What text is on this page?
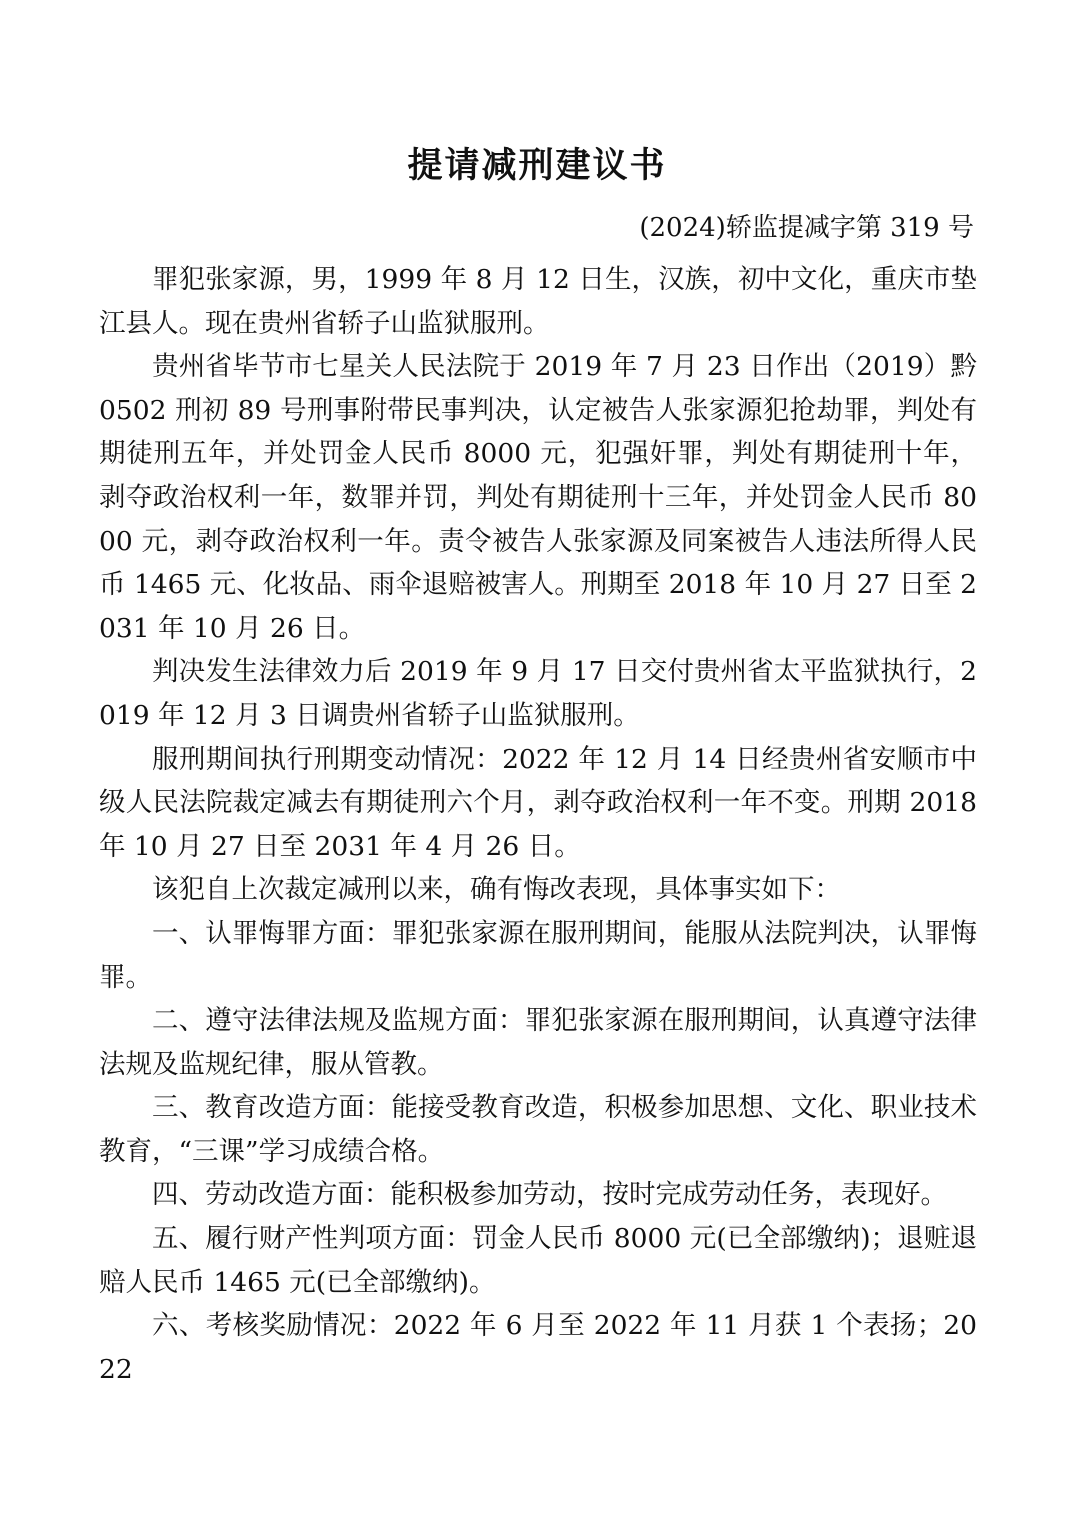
提请减刑建议书
(2024)轿监提减字第 319 号

罪犯张家源，男，1999 年 8 月 12 日生，汉族，初中文化，重庆市垫江县人。现在贵州省轿子山监狱服刑。

贵州省毕节市七星关人民法院于 2019 年 7 月 23 日作出（2019）黔 0502 刑初 89 号刑事附带民事判决，认定被告人张家源犯抢劫罪，判处有期徒刑五年，并处罚金人民币 8000 元，犯强奸罪，判处有期徒刑十年，剥夺政治权利一年，数罪并罚，判处有期徒刑十三年，并处罚金人民币 8000 元，剥夺政治权利一年。责令被告人张家源及同案被告人违法所得人民币 1465 元、化妆品、雨伞退赔被害人。刑期至 2018 年 10 月 27 日至 2031 年 10 月 26 日。

判决发生法律效力后 2019 年 9 月 17 日交付贵州省太平监狱执行，2019 年 12 月 3 日调贵州省轿子山监狱服刑。

服刑期间执行刑期变动情况：2022 年 12 月 14 日经贵州省安顺市中级人民法院裁定减去有期徒刑六个月，剥夺政治权利一年不变。刑期 2018 年 10 月 27 日至 2031 年 4 月 26 日。

该犯自上次裁定减刑以来，确有悔改表现，具体事实如下：

一、认罪悔罪方面：罪犯张家源在服刑期间，能服从法院判决，认罪悔罪。

二、遵守法律法规及监规方面：罪犯张家源在服刑期间，认真遵守法律法规及监规纪律，服从管教。

三、教育改造方面：能接受教育改造，积极参加思想、文化、职业技术教育，“三课”学习成绩合格。

四、劳动改造方面：能积极参加劳动，按时完成劳动任务，表现好。

五、履行财产性判项方面：罚金人民币 8000 元(已全部缴纳)；退赃退赔人民币 1465 元(已全部缴纳)。

六、考核奖励情况：2022 年 6 月至 2022 年 11 月获 1 个表扬；2022
